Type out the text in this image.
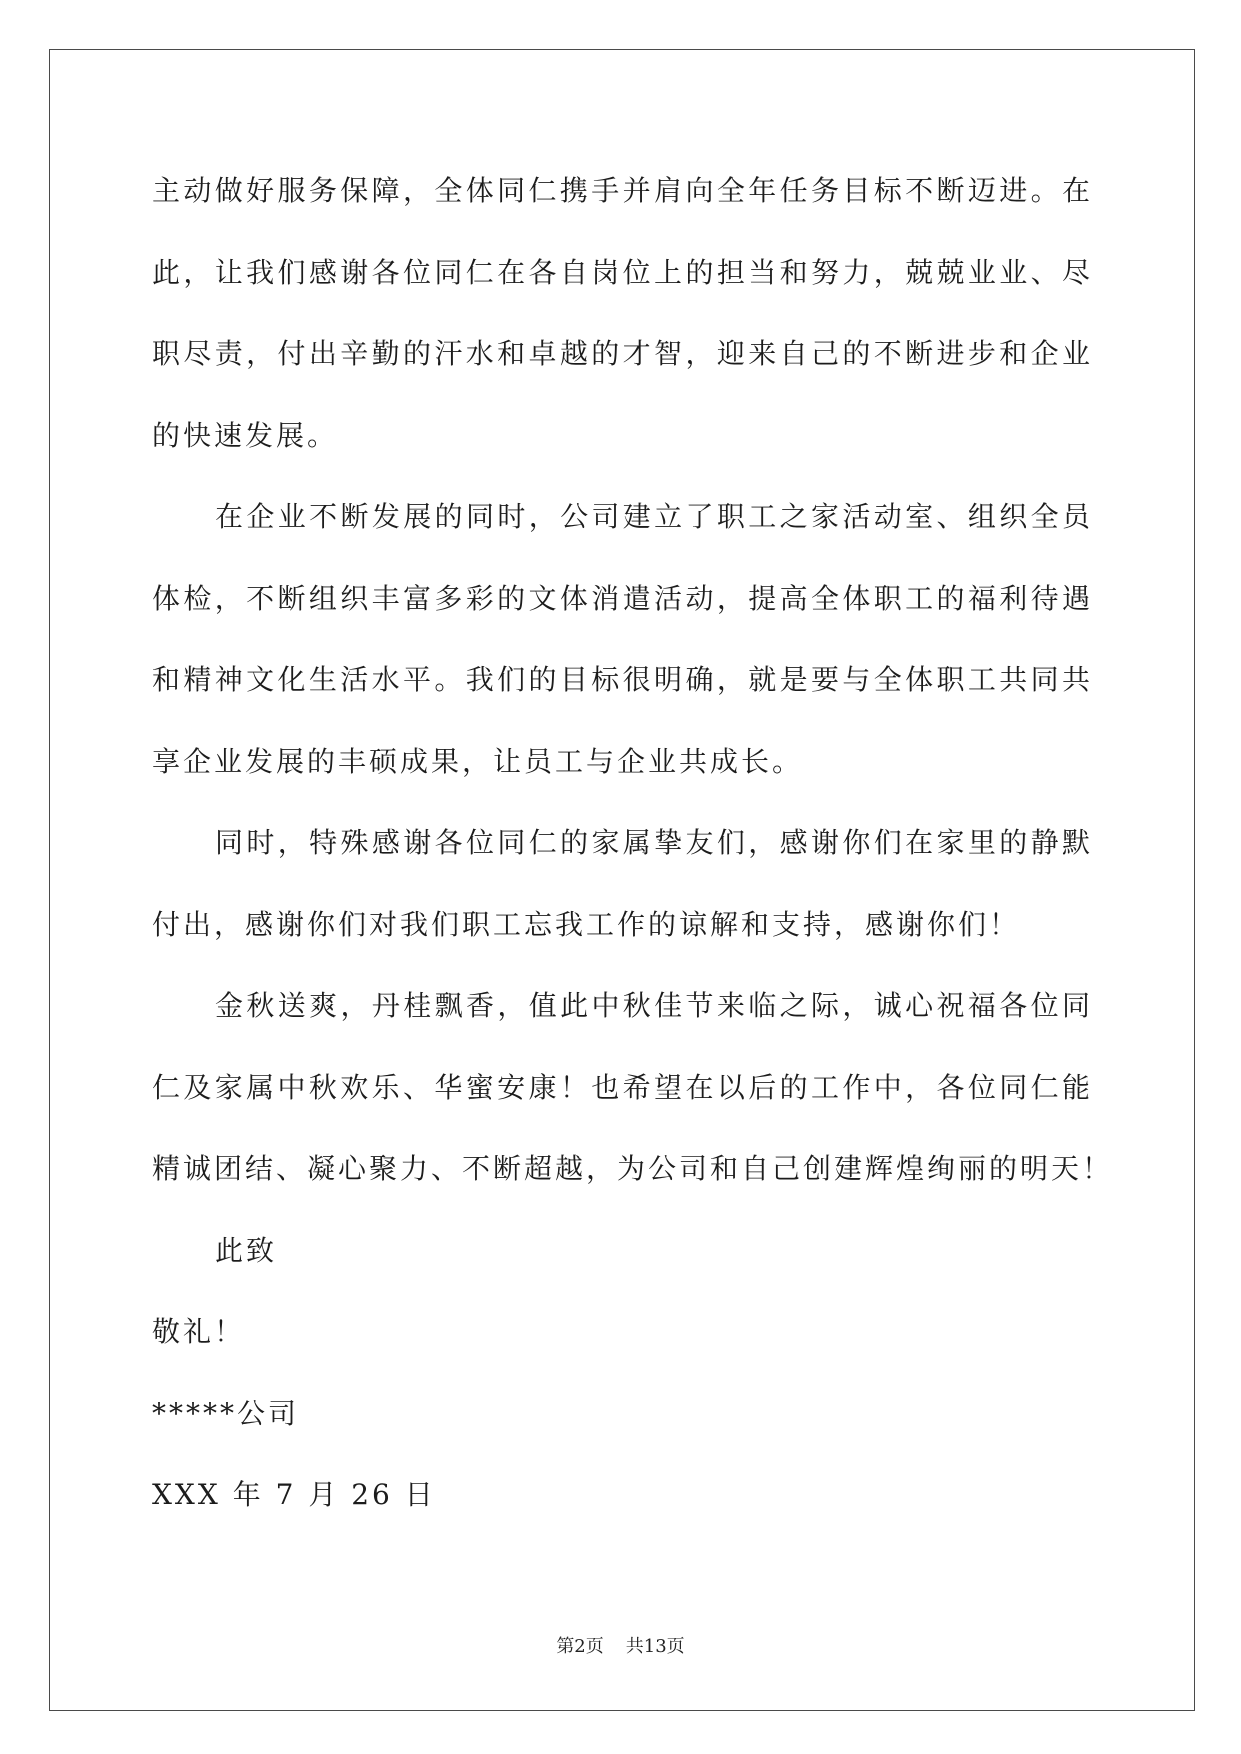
主动做好服务保障，全体同仁携手并肩向全年任务目标不断迈进。在
此，让我们感谢各位同仁在各自岗位上的担当和努力，兢兢业业、尽
职尽责，付出辛勤的汗水和卓越的才智，迎来自己的不断进步和企业
的快速发展。
在企业不断发展的同时，公司建立了职工之家活动室、组织全员
体检，不断组织丰富多彩的文体消遣活动，提高全体职工的福利待遇
和精神文化生活水平。我们的目标很明确，就是要与全体职工共同共
享企业发展的丰硕成果，让员工与企业共成长。
同时，特殊感谢各位同仁的家属挚友们，感谢你们在家里的静默
付出，感谢你们对我们职工忘我工作的谅解和支持，感谢你们！
金秋送爽，丹桂飘香，值此中秋佳节来临之际，诚心祝福各位同
仁及家属中秋欢乐、华蜜安康！也希望在以后的工作中，各位同仁能
精诚团结、凝心聚力、不断超越，为公司和自己创建辉煌绚丽的明天！
此致
敬礼！
*****公司
XXX 年 7 月 26 日
第2页 共13页
